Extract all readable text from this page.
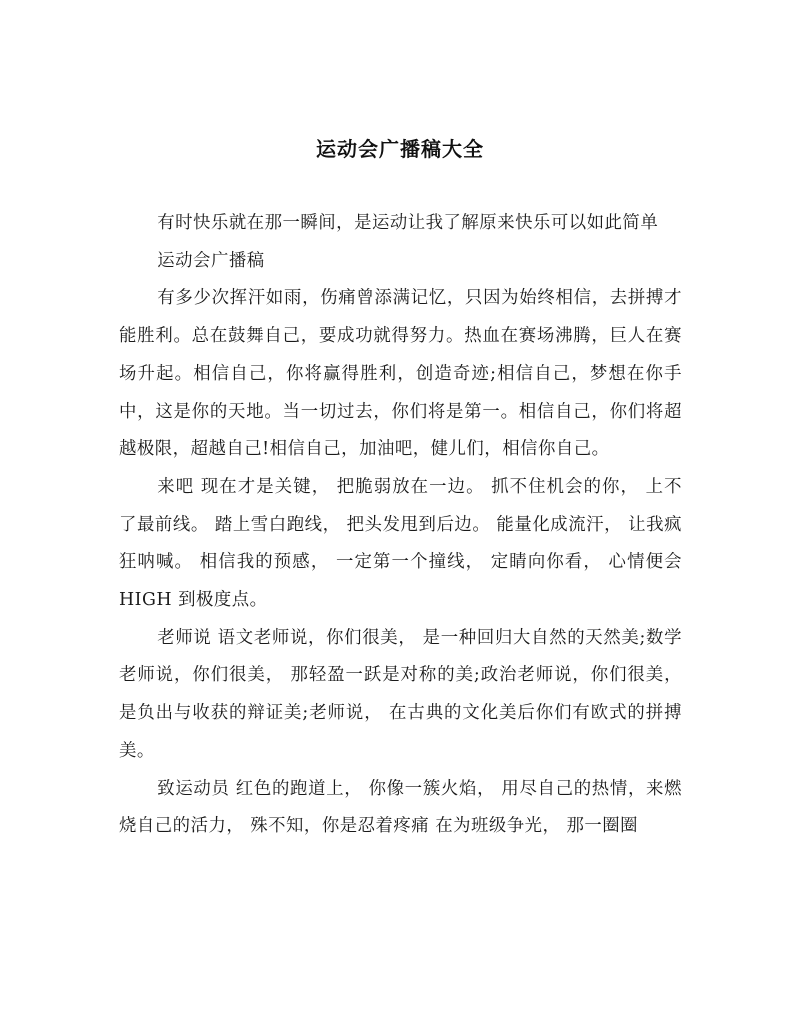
运动会广播稿大全

有时快乐就在那一瞬间，是运动让我了解原来快乐可以如此简单

运动会广播稿

有多少次挥汗如雨，伤痛曾添满记忆，只因为始终相信，去拼搏才能胜利。总在鼓舞自己，要成功就得努力。热血在赛场沸腾，巨人在赛场升起。相信自己，你将赢得胜利，创造奇迹;相信自己，梦想在你手中，这是你的天地。当一切过去，你们将是第一。相信自己，你们将超越极限，超越自己!相信自己，加油吧，健儿们，相信你自己。

来吧 现在才是关键， 把脆弱放在一边。 抓不住机会的你， 上不了最前线。 踏上雪白跑线， 把头发甩到后边。 能量化成流汗， 让我疯狂呐喊。 相信我的预感， 一定第一个撞线， 定睛向你看， 心情便会 HIGH 到极度点。

老师说 语文老师说，你们很美， 是一种回归大自然的天然美;数学老师说，你们很美， 那轻盈一跃是对称的美;政治老师说，你们很美， 是负出与收获的辩证美;老师说， 在古典的文化美后你们有欧式的拼搏美。

致运动员 红色的跑道上， 你像一簇火焰， 用尽自己的热情，来燃烧自己的活力， 殊不知，你是忍着疼痛 在为班级争光， 那一圈圈
